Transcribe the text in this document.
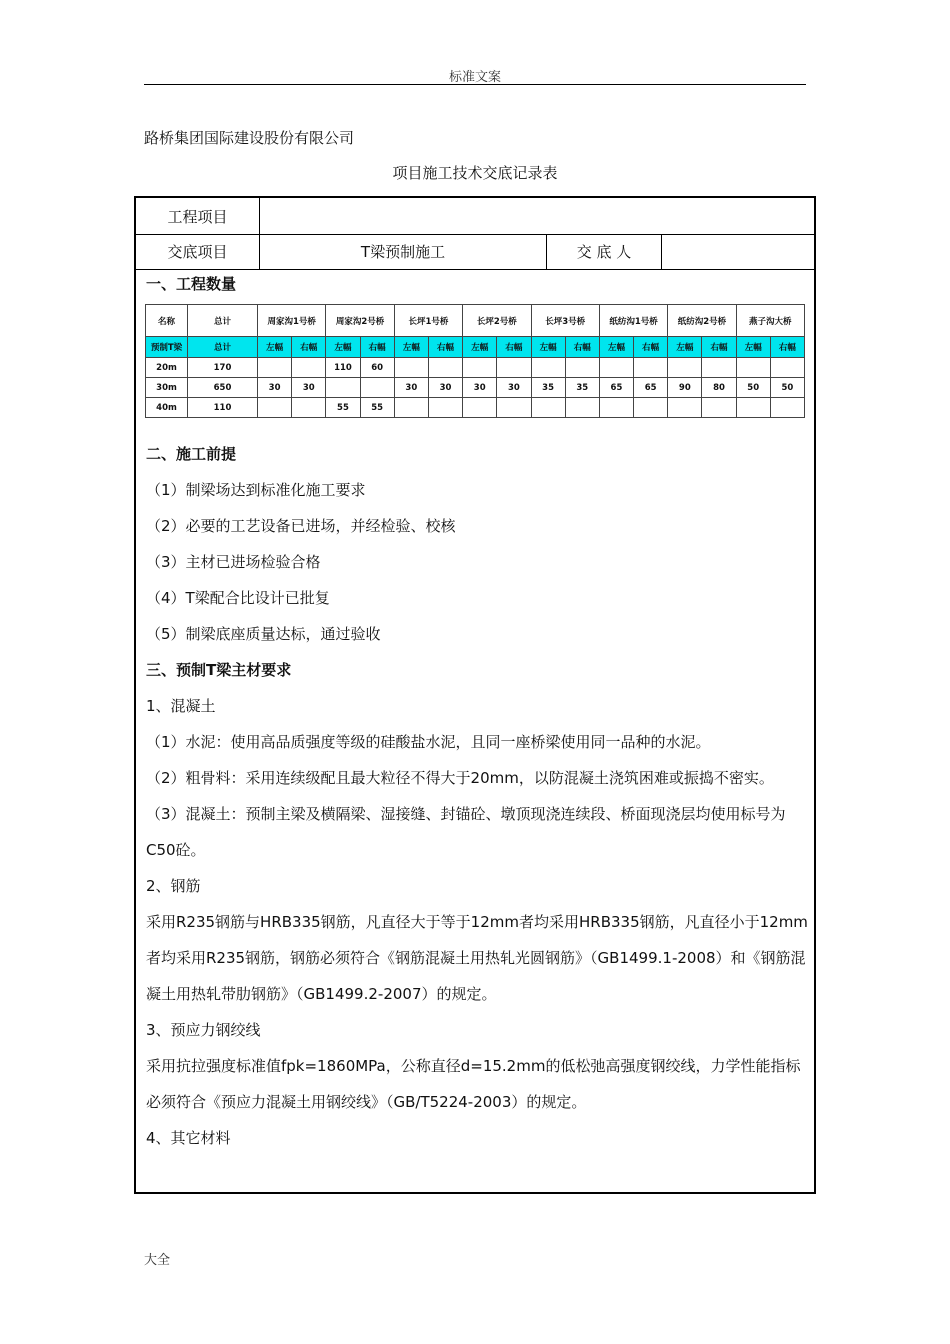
标准文案
路桥集团国际建设股份有限公司
项目施工技术交底记录表
工程项目
交底项目	T梁预制施工	交 底 人
一、工程数量
名称	总计	周家沟1号桥		周家沟2号桥		长坪1号桥		长坪2号桥		长坪3号桥		纸纺沟1号桥		纸纺沟2号桥		燕子沟大桥	
预制T梁	总计	左幅	右幅	左幅	右幅	左幅	右幅	左幅	右幅	左幅	右幅	左幅	右幅	左幅	右幅	左幅	右幅
20m	170			110	60												
30m	650	30	30			30	30	30	30	35	35	65	65	90	80	50	50
40m	110			55	55												
二、施工前提
（1）制梁场达到标准化施工要求
（2）必要的工艺设备已进场，并经检验、校核
（3）主材已进场检验合格
（4）T梁配合比设计已批复
（5）制梁底座质量达标，通过验收
三、预制T梁主材要求
1、混凝土
（1）水泥：使用高品质强度等级的硅酸盐水泥，且同一座桥梁使用同一品种的水泥。
（2）粗骨料：采用连续级配且最大粒径不得大于20mm，以防混凝土浇筑困难或振捣不密实。
（3）混凝土：预制主梁及横隔梁、湿接缝、封锚砼、墩顶现浇连续段、桥面现浇层均使用标号为C50砼。
2、钢筋
采用R235钢筋与HRB335钢筋，凡直径大于等于12mm者均采用HRB335钢筋，凡直径小于12mm者均采用R235钢筋，钢筋必须符合《钢筋混凝土用热轧光圆钢筋》（GB1499.1-2008）和《钢筋混凝土用热轧带肋钢筋》（GB1499.2-2007）的规定。
3、预应力钢绞线
采用抗拉强度标准值fpk=1860MPa，公称直径d=15.2mm的低松弛高强度钢绞线，力学性能指标必须符合《预应力混凝土用钢绞线》（GB/T5224-2003）的规定。
4、其它材料
大全
